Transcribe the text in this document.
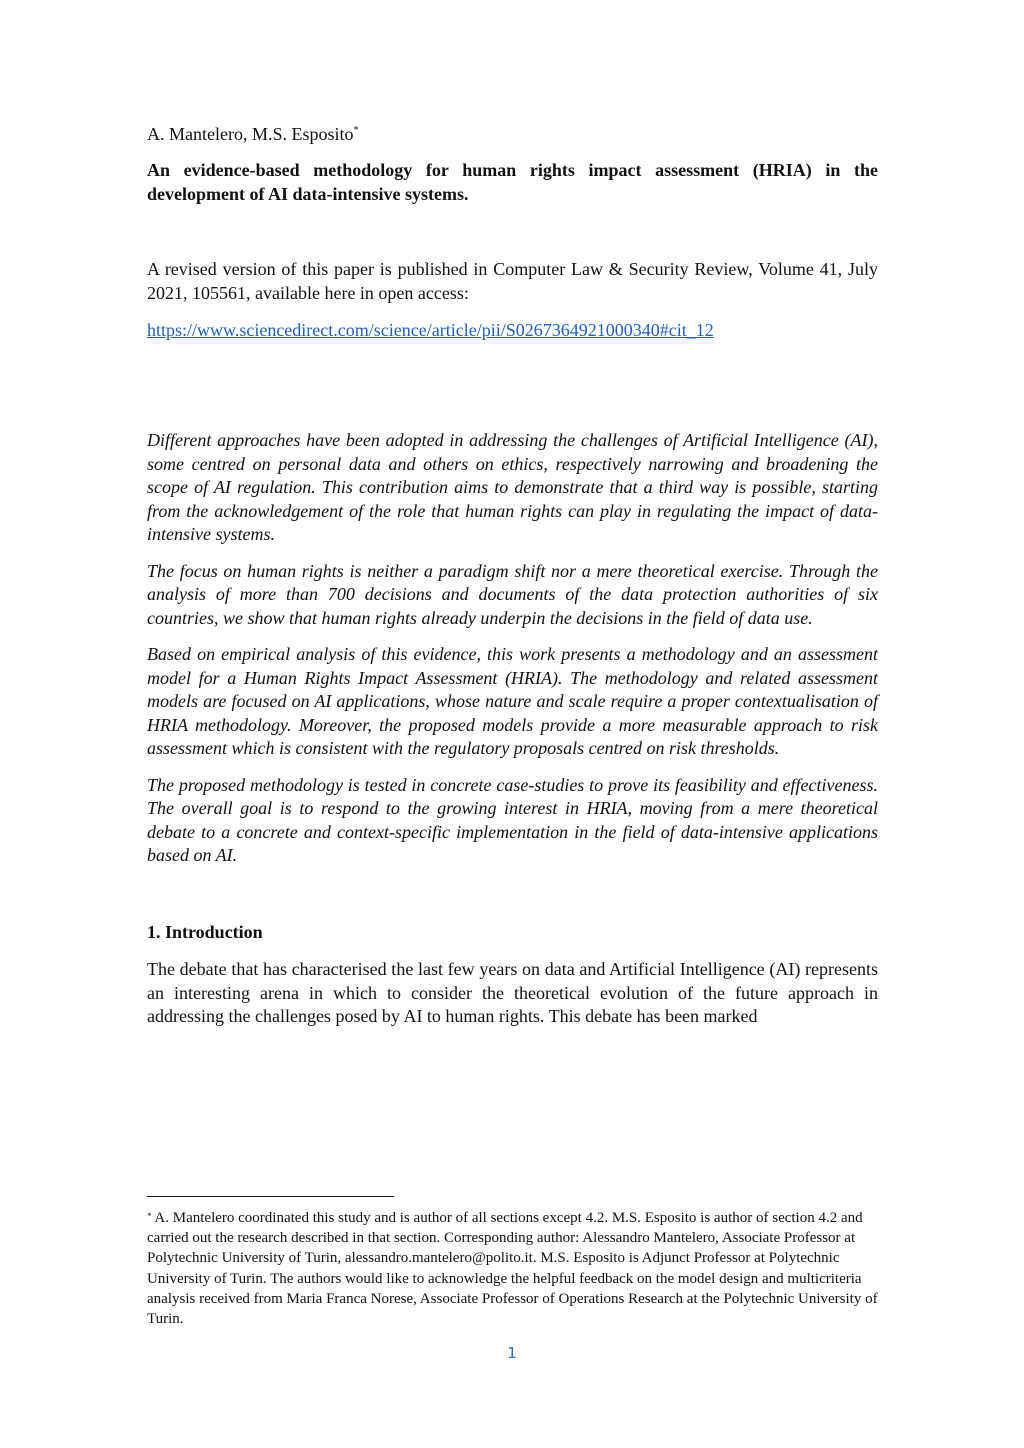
A. Mantelero, M.S. Esposito*
An evidence-based methodology for human rights impact assessment (HRIA) in the development of AI data-intensive systems.
A revised version of this paper is published in Computer Law & Security Review, Volume 41, July 2021, 105561, available here in open access:
https://www.sciencedirect.com/science/article/pii/S0267364921000340#cit_12

Different approaches have been adopted in addressing the challenges of Artificial Intelligence (AI), some centred on personal data and others on ethics, respectively narrowing and broadening the scope of AI regulation. This contribution aims to demonstrate that a third way is possible, starting from the acknowledgement of the role that human rights can play in regulating the impact of data-intensive systems.

The focus on human rights is neither a paradigm shift nor a mere theoretical exercise. Through the analysis of more than 700 decisions and documents of the data protection authorities of six countries, we show that human rights already underpin the decisions in the field of data use.

Based on empirical analysis of this evidence, this work presents a methodology and an assessment model for a Human Rights Impact Assessment (HRIA). The methodology and related assessment models are focused on AI applications, whose nature and scale require a proper contextualisation of HRIA methodology. Moreover, the proposed models provide a more measurable approach to risk assessment which is consistent with the regulatory proposals centred on risk thresholds.

The proposed methodology is tested in concrete case-studies to prove its feasibility and effectiveness. The overall goal is to respond to the growing interest in HRIA, moving from a mere theoretical debate to a concrete and context-specific implementation in the field of data-intensive applications based on AI.

1. Introduction
The debate that has characterised the last few years on data and Artificial Intelligence (AI) represents an interesting arena in which to consider the theoretical evolution of the future approach in addressing the challenges posed by AI to human rights. This debate has been marked
* A. Mantelero coordinated this study and is author of all sections except 4.2. M.S. Esposito is author of section 4.2 and carried out the research described in that section. Corresponding author: Alessandro Mantelero, Associate Professor at Polytechnic University of Turin, alessandro.mantelero@polito.it. M.S. Esposito is Adjunct Professor at Polytechnic University of Turin. The authors would like to acknowledge the helpful feedback on the model design and multicriteria analysis received from Maria Franca Norese, Associate Professor of Operations Research at the Polytechnic University of Turin.
1
